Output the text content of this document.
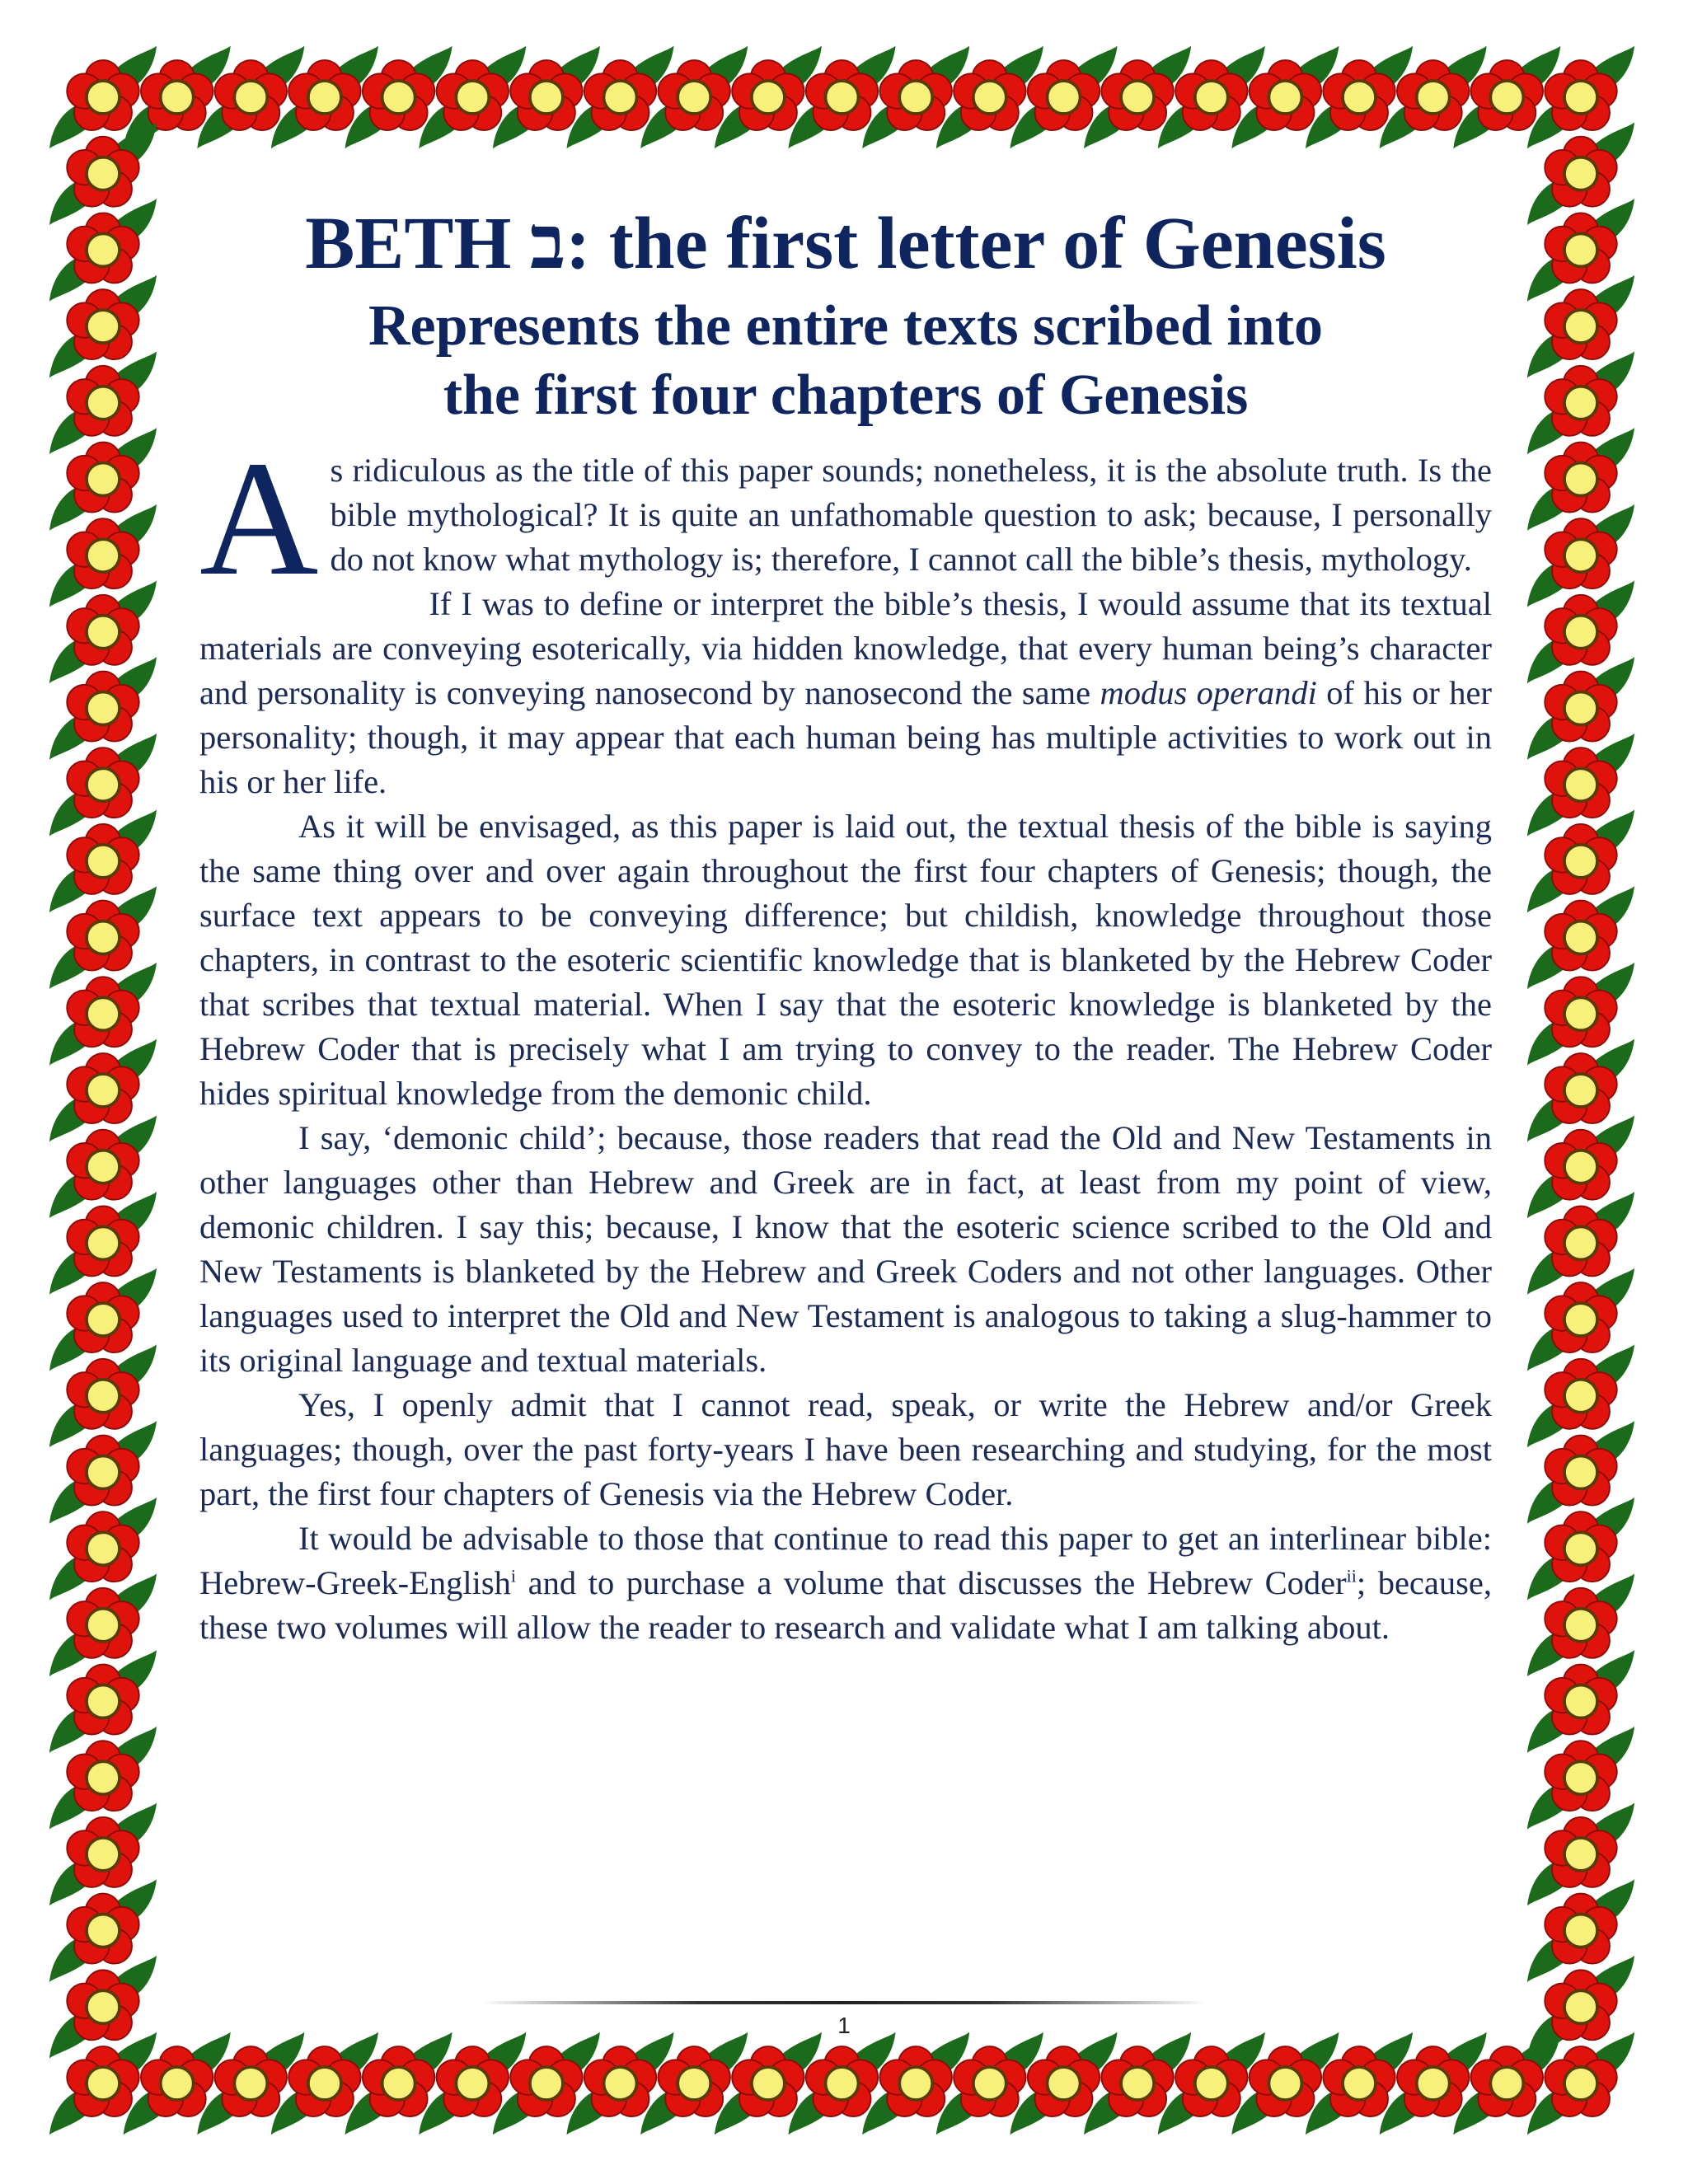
BETH ב: the first letter of Genesis
Represents the entire texts scribed into
the first four chapters of Genesis

As ridiculous as the title of this paper sounds; nonetheless, it is the absolute truth. Is the bible mythological? It is quite an unfathomable question to ask; because, I personally do not know what mythology is; therefore, I cannot call the bible’s thesis, mythology.

If I was to define or interpret the bible’s thesis, I would assume that its textual materials are conveying esoterically, via hidden knowledge, that every human being’s character and personality is conveying nanosecond by nanosecond the same modus operandi of his or her personality; though, it may appear that each human being has multiple activities to work out in his or her life.

As it will be envisaged, as this paper is laid out, the textual thesis of the bible is saying the same thing over and over again throughout the first four chapters of Genesis; though, the surface text appears to be conveying difference; but childish, knowledge throughout those chapters, in contrast to the esoteric scientific knowledge that is blanketed by the Hebrew Coder that scribes that textual material. When I say that the esoteric knowledge is blanketed by the Hebrew Coder that is precisely what I am trying to convey to the reader. The Hebrew Coder hides spiritual knowledge from the demonic child.

I say, ‘demonic child’; because, those readers that read the Old and New Testaments in other languages other than Hebrew and Greek are in fact, at least from my point of view, demonic children. I say this; because, I know that the esoteric science scribed to the Old and New Testaments is blanketed by the Hebrew and Greek Coders and not other languages. Other languages used to interpret the Old and New Testament is analogous to taking a slug-hammer to its original language and textual materials.

Yes, I openly admit that I cannot read, speak, or write the Hebrew and/or Greek languages; though, over the past forty-years I have been researching and studying, for the most part, the first four chapters of Genesis via the Hebrew Coder.

It would be advisable to those that continue to read this paper to get an interlinear bible: Hebrew-Greek-English$^i$ and to purchase a volume that discusses the Hebrew Coder$^{ii}$; because, these two volumes will allow the reader to research and validate what I am talking about.

1
